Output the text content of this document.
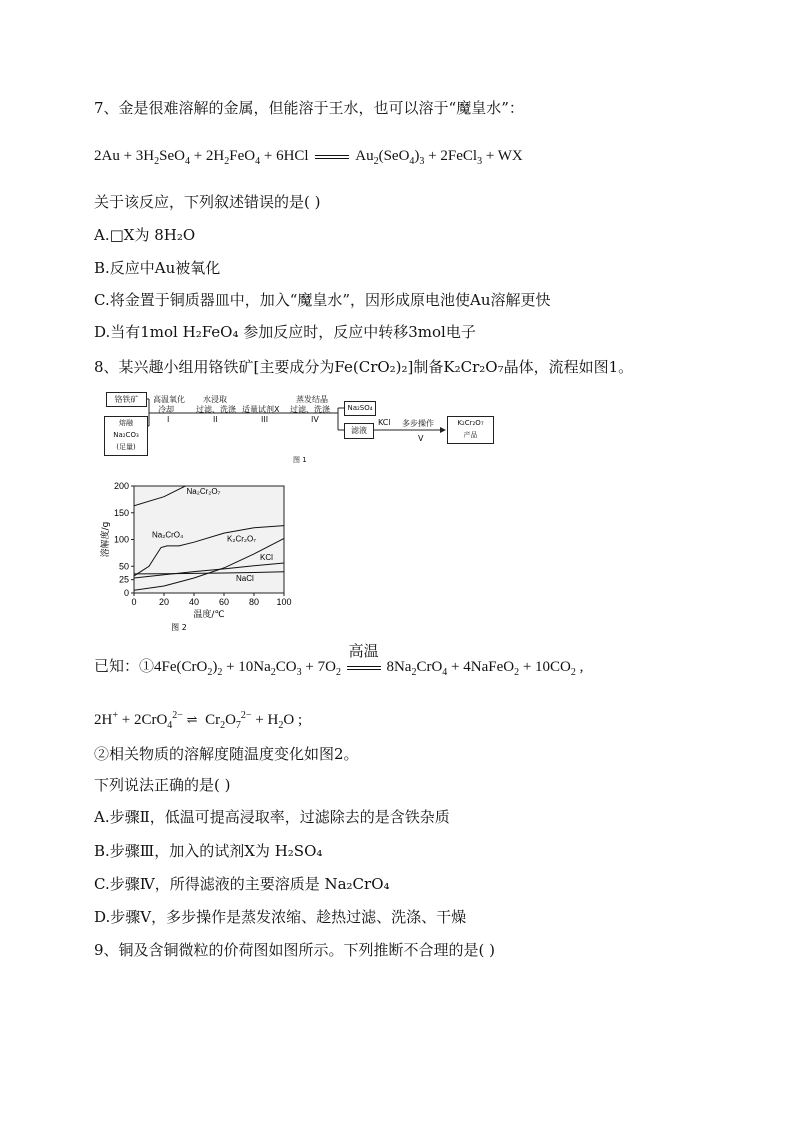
7、金是很难溶解的金属，但能溶于王水，也可以溶于“魔皇水”：
$2Au + 3H_2SeO_4 + 2H_2FeO_4 + 6HCl$	$Au_2(SeO_4)_3$ + 2FeCl$_3$ + WX
关于该反应，下列叙述错误的是( )
A.□X为 8H₂O
B.反应中Au被氧化
C.将金置于铜质器皿中，加入“魔皇水”，因形成原电池使Au溶解更快
D.当有1mol H₂FeO₄ 参加反应时，反应中转移3mol电子
8、某兴趣小组用铬铁矿[主要成分为Fe(CrO₂)₂]制备K₂Cr₂O₇晶体，流程如图1。
铬铁矿
熔融
Na₂CO₃
(足量)
高温氧化
冷却
I
水浸取
过滤、洗涤
II
适量试剂X
III
蒸发结晶
过滤、洗涤
IV
Na₂SO₄
滤液
KCl 多步操作
V
K₂Cr₂O₇
产品
图 1
0
25
50
100
150
200
0 20 40 60 80 100
溶解度/g
温度/℃
图 2
Na₂Cr₂O₇
Na₂CrO₄	K₂Cr₂O₇
KCl
NaCl
已知：$①4Fe(CrO_2)_2 + 10Na_2CO_3 + 7O_2$
高温
$8Na_2CrO_4$ + 4NaFeO$_2$ + $10CO_2$ ,
2H+ + 2CrO$_4^{2-}$ ⇌  $Cr_2O_7^{2-} + H_2O$ ;
②相关物质的溶解度随温度变化如图2。
下列说法正确的是( )
A.步骤Ⅱ，低温可提高浸取率，过滤除去的是含铁杂质
B.步骤Ⅲ，加入的试剂X为 H₂SO₄
C.步骤Ⅳ，所得滤液的主要溶质是 Na₂CrO₄
D.步骤Ⅴ，多步操作是蒸发浓缩、趁热过滤、洗涤、干燥
9、铜及含铜微粒的价荷图如图所示。下列推断不合理的是( )
